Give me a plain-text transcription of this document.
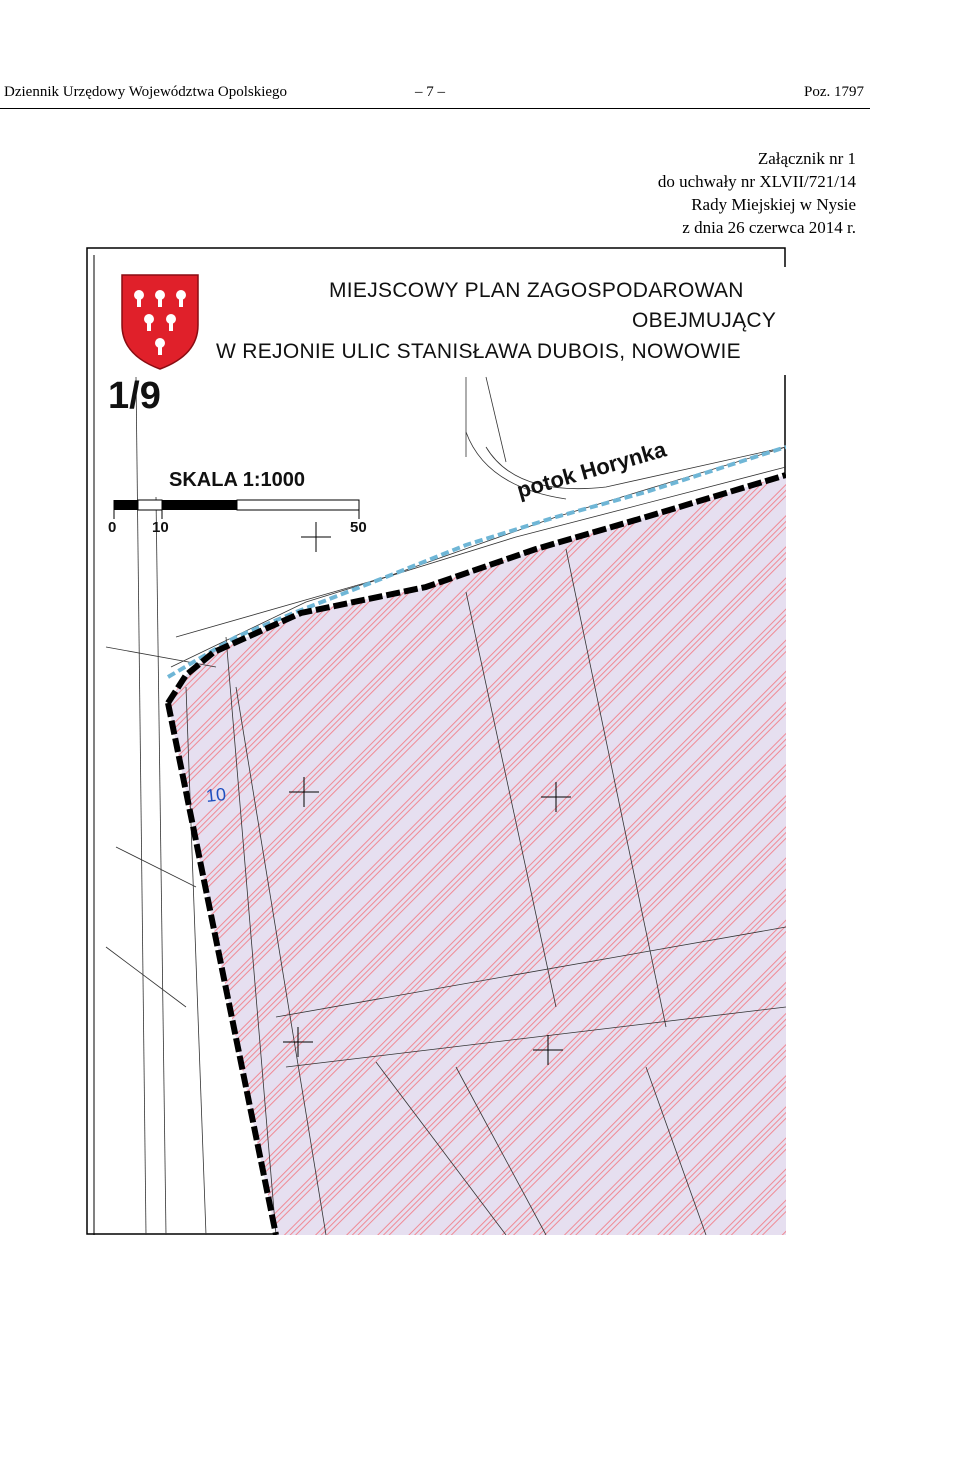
Dziennik Urzędowy Województwa Opolskiego	– 7 –	Poz. 1797
Załącznik nr 1
do uchwały nr XLVII/721/14
Rady Miejskiej w Nysie
z dnia 26 czerwca 2014 r.
MIEJSCOWY PLAN ZAGOSPODAROWAN
OBEJMUJĄCY
W REJONIE ULIC STANISŁAWA DUBOIS, NOWOWIE
1/9
SKALA 1:1000
0 10	50
potok Horynka
10
